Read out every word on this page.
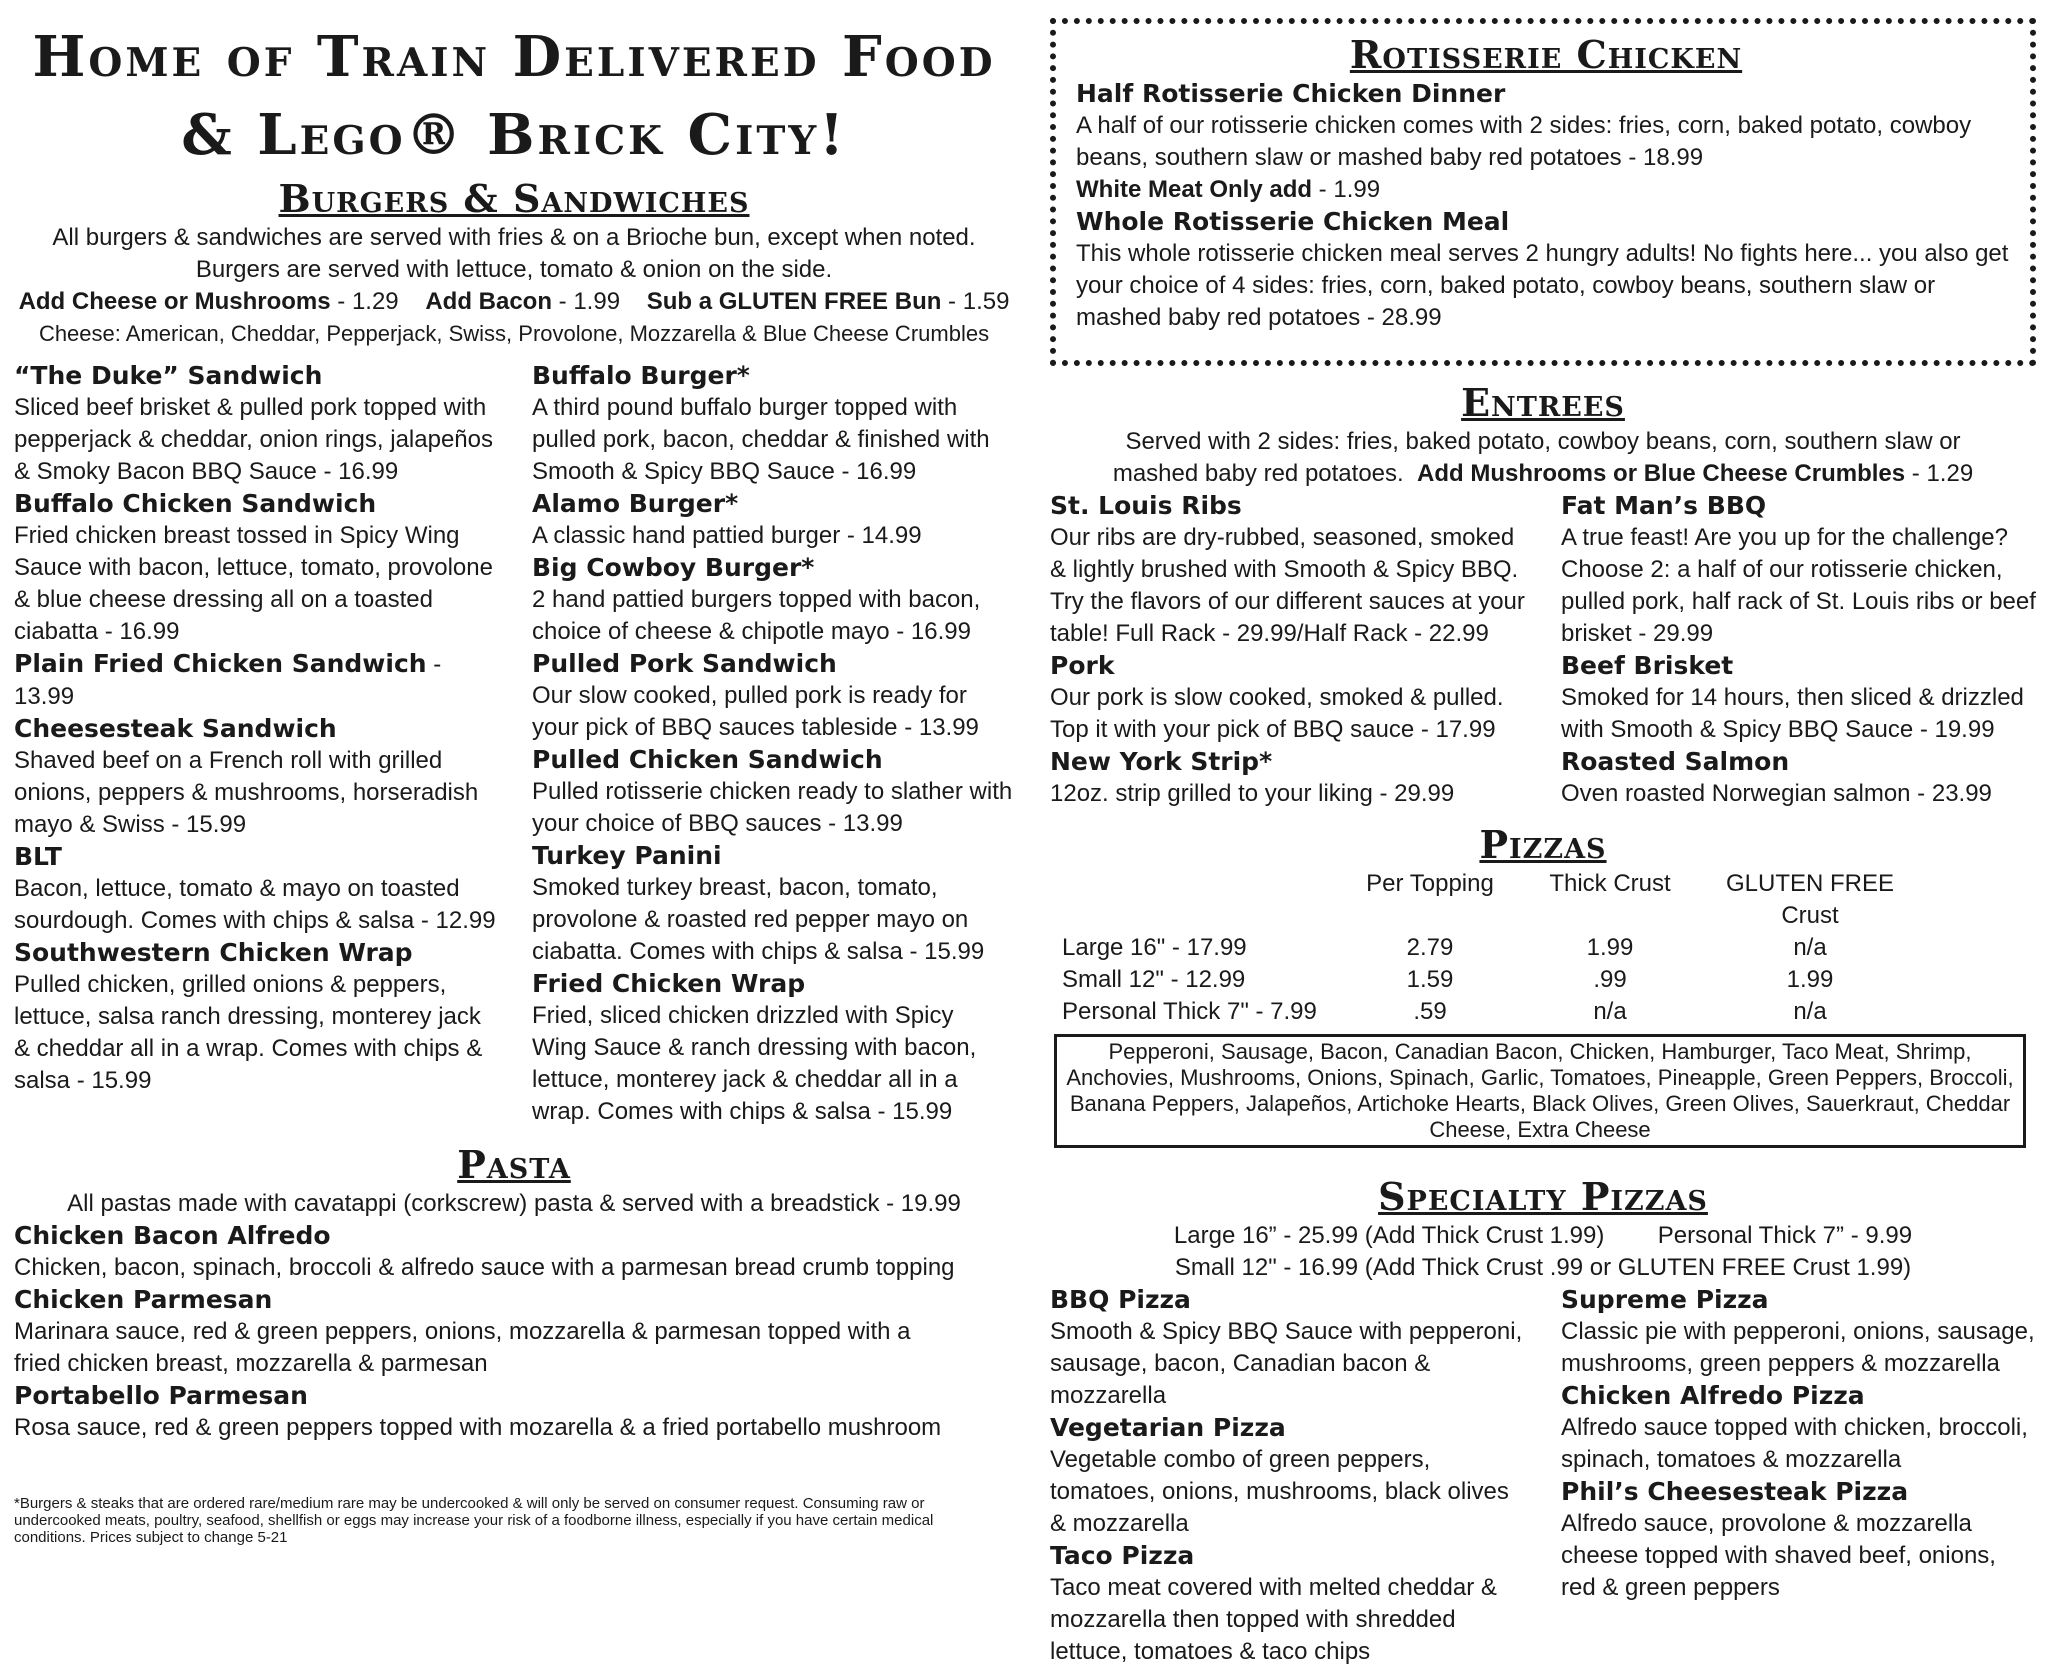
Home of Train Delivered Food
& Lego® Brick City!
Burgers & Sandwiches
All burgers & sandwiches are served with fries & on a Brioche bun, except when noted.
Burgers are served with lettuce, tomato & onion on the side.
Add Cheese or Mushrooms - 1.29 Add Bacon - 1.99 Sub a GLUTEN FREE Bun - 1.59
Cheese: American, Cheddar, Pepperjack, Swiss, Provolone, Mozzarella & Blue Cheese Crumbles
“The Duke” Sandwich
Sliced beef brisket & pulled pork topped with pepperjack & cheddar, onion rings, jalapeños & Smoky Bacon BBQ Sauce - 16.99
Buffalo Chicken Sandwich
Fried chicken breast tossed in Spicy Wing Sauce with bacon, lettuce, tomato, provolone & blue cheese dressing all on a toasted ciabatta - 16.99
Plain Fried Chicken Sandwich - 13.99
Cheesesteak Sandwich
Shaved beef on a French roll with grilled onions, peppers & mushrooms, horseradish mayo & Swiss - 15.99
BLT
Bacon, lettuce, tomato & mayo on toasted sourdough. Comes with chips & salsa - 12.99
Southwestern Chicken Wrap
Pulled chicken, grilled onions & peppers, lettuce, salsa ranch dressing, monterey jack & cheddar all in a wrap. Comes with chips & salsa - 15.99
Buffalo Burger*
A third pound buffalo burger topped with pulled pork, bacon, cheddar & finished with Smooth & Spicy BBQ Sauce - 16.99
Alamo Burger*
A classic hand pattied burger - 14.99
Big Cowboy Burger*
2 hand pattied burgers topped with bacon, choice of cheese & chipotle mayo - 16.99
Pulled Pork Sandwich
Our slow cooked, pulled pork is ready for your pick of BBQ sauces tableside - 13.99
Pulled Chicken Sandwich
Pulled rotisserie chicken ready to slather with your choice of BBQ sauces - 13.99
Turkey Panini
Smoked turkey breast, bacon, tomato, provolone & roasted red pepper mayo on ciabatta. Comes with chips & salsa - 15.99
Fried Chicken Wrap
Fried, sliced chicken drizzled with Spicy Wing Sauce & ranch dressing with bacon, lettuce, monterey jack & cheddar all in a wrap. Comes with chips & salsa - 15.99
Pasta
All pastas made with cavatappi (corkscrew) pasta & served with a breadstick - 19.99
Chicken Bacon Alfredo
Chicken, bacon, spinach, broccoli & alfredo sauce with a parmesan bread crumb topping
Chicken Parmesan
Marinara sauce, red & green peppers, onions, mozzarella & parmesan topped with a fried chicken breast, mozzarella & parmesan
Portabello Parmesan
Rosa sauce, red & green peppers topped with mozarella & a fried portabello mushroom
*Burgers & steaks that are ordered rare/medium rare may be undercooked & will only be served on consumer request. Consuming raw or undercooked meats, poultry, seafood, shellfish or eggs may increase your risk of a foodborne illness, especially if you have certain medical conditions. Prices subject to change 5-21
Rotisserie Chicken
Half Rotisserie Chicken Dinner
A half of our rotisserie chicken comes with 2 sides: fries, corn, baked potato, cowboy beans, southern slaw or mashed baby red potatoes - 18.99
White Meat Only add - 1.99
Whole Rotisserie Chicken Meal
This whole rotisserie chicken meal serves 2 hungry adults! No fights here... you also get your choice of 4 sides: fries, corn, baked potato, cowboy beans, southern slaw or mashed baby red potatoes - 28.99
Entrees
Served with 2 sides: fries, baked potato, cowboy beans, corn, southern slaw or
mashed baby red potatoes. Add Mushrooms or Blue Cheese Crumbles - 1.29
St. Louis Ribs
Our ribs are dry-rubbed, seasoned, smoked & lightly brushed with Smooth & Spicy BBQ. Try the flavors of our different sauces at your table! Full Rack - 29.99/Half Rack - 22.99
Pork
Our pork is slow cooked, smoked & pulled. Top it with your pick of BBQ sauce - 17.99
New York Strip*
12oz. strip grilled to your liking - 29.99
Fat Man’s BBQ
A true feast! Are you up for the challenge? Choose 2: a half of our rotisserie chicken, pulled pork, half rack of St. Louis ribs or beef brisket - 29.99
Beef Brisket
Smoked for 14 hours, then sliced & drizzled with Smooth & Spicy BBQ Sauce - 19.99
Roasted Salmon
Oven roasted Norwegian salmon - 23.99
Pizzas
Per Topping	Thick Crust	GLUTEN FREE Crust
Large 16" - 17.99	2.79	1.99	n/a
Small 12" - 12.99	1.59	.99	1.99
Personal Thick 7" - 7.99	.59	n/a	n/a
Pepperoni, Sausage, Bacon, Canadian Bacon, Chicken, Hamburger, Taco Meat, Shrimp, Anchovies, Mushrooms, Onions, Spinach, Garlic, Tomatoes, Pineapple, Green Peppers, Broccoli, Banana Peppers, Jalapeños, Artichoke Hearts, Black Olives, Green Olives, Sauerkraut, Cheddar Cheese, Extra Cheese
Specialty Pizzas
Large 16” - 25.99 (Add Thick Crust 1.99) Personal Thick 7” - 9.99
Small 12" - 16.99 (Add Thick Crust .99 or GLUTEN FREE Crust 1.99)
BBQ Pizza
Smooth & Spicy BBQ Sauce with pepperoni, sausage, bacon, Canadian bacon & mozzarella
Vegetarian Pizza
Vegetable combo of green peppers, tomatoes, onions, mushrooms, black olives & mozzarella
Taco Pizza
Taco meat covered with melted cheddar & mozzarella then topped with shredded lettuce, tomatoes & taco chips
Supreme Pizza
Classic pie with pepperoni, onions, sausage, mushrooms, green peppers & mozzarella
Chicken Alfredo Pizza
Alfredo sauce topped with chicken, broccoli, spinach, tomatoes & mozzarella
Phil’s Cheesesteak Pizza
Alfredo sauce, provolone & mozzarella cheese topped with shaved beef, onions, red & green peppers
